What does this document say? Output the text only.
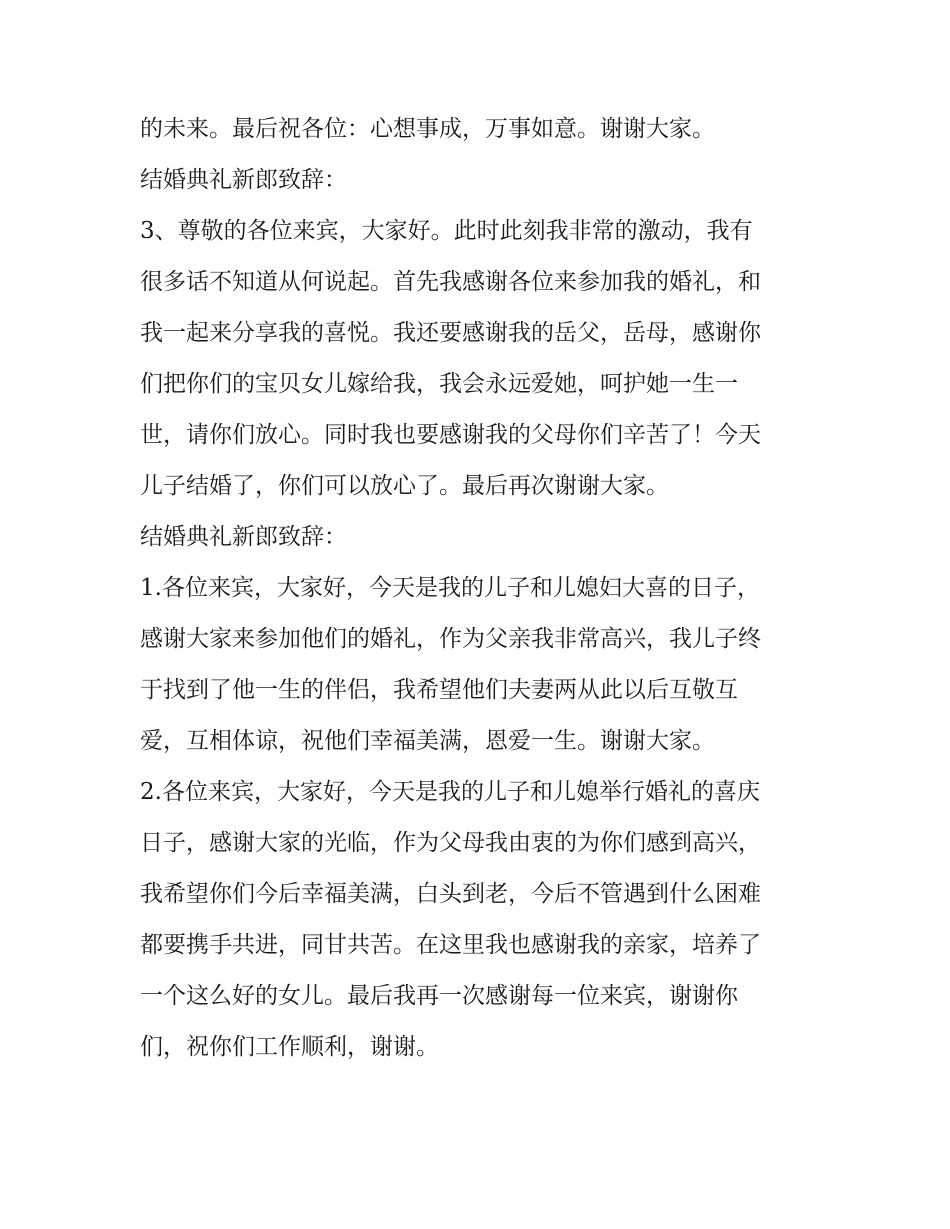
的未来。最后祝各位：心想事成，万事如意。谢谢大家。
结婚典礼新郎致辞：
3、尊敬的各位来宾，大家好。此时此刻我非常的激动，我有
很多话不知道从何说起。首先我感谢各位来参加我的婚礼，和
我一起来分享我的喜悦。我还要感谢我的岳父，岳母，感谢你
们把你们的宝贝女儿嫁给我，我会永远爱她，呵护她一生一
世，请你们放心。同时我也要感谢我的父母你们辛苦了！今天
儿子结婚了，你们可以放心了。最后再次谢谢大家。
结婚典礼新郎致辞：
1.各位来宾，大家好，今天是我的儿子和儿媳妇大喜的日子，
感谢大家来参加他们的婚礼，作为父亲我非常高兴，我儿子终
于找到了他一生的伴侣，我希望他们夫妻两从此以后互敬互
爱，互相体谅，祝他们幸福美满，恩爱一生。谢谢大家。
2.各位来宾，大家好，今天是我的儿子和儿媳举行婚礼的喜庆
日子，感谢大家的光临，作为父母我由衷的为你们感到高兴，
我希望你们今后幸福美满，白头到老，今后不管遇到什么困难
都要携手共进，同甘共苦。在这里我也感谢我的亲家，培养了
一个这么好的女儿。最后我再一次感谢每一位来宾，谢谢你
们，祝你们工作顺利，谢谢。
